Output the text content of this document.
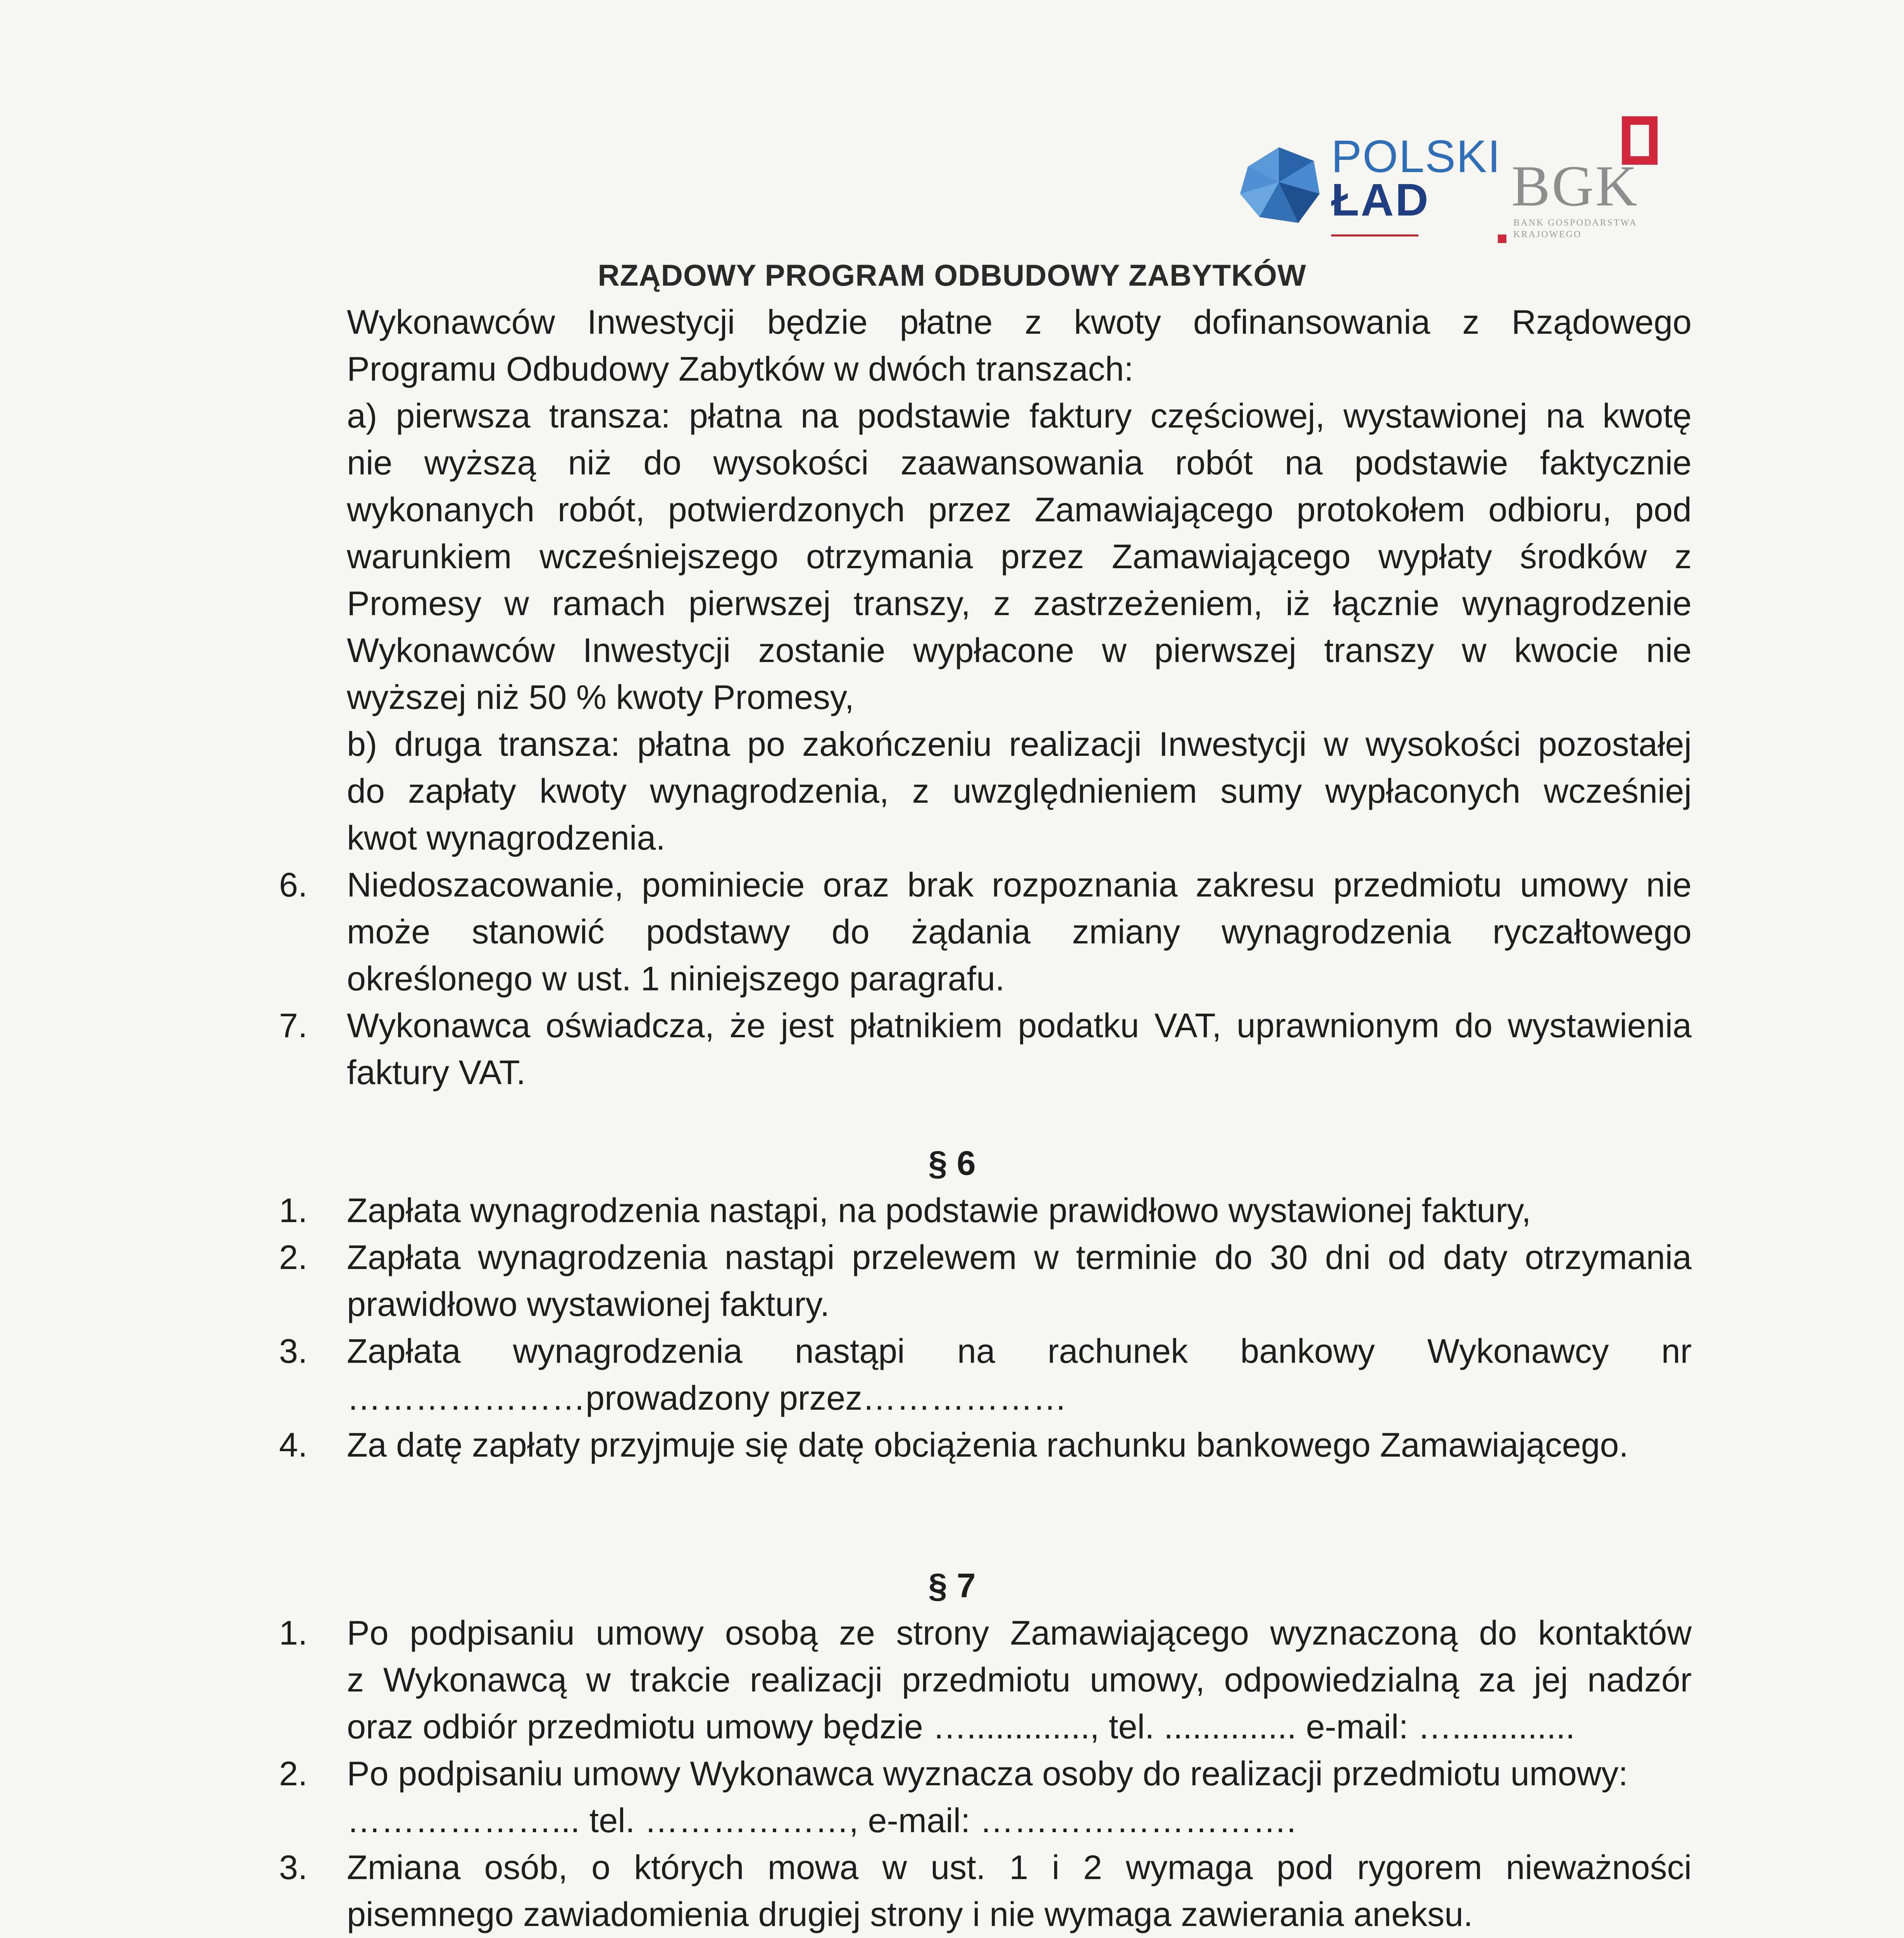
POLSKI
ŁAD	BGK
BANK GOSPODARSTWA
KRAJOWEGO
RZĄDOWY PROGRAM ODBUDOWY ZABYTKÓW
Wykonawców Inwestycji będzie płatne z kwoty dofinansowania z Rządowego
Programu Odbudowy Zabytków w dwóch transzach:
a) pierwsza transza: płatna na podstawie faktury częściowej, wystawionej na kwotę
nie wyższą niż do wysokości zaawansowania robót na podstawie faktycznie
wykonanych robót, potwierdzonych przez Zamawiającego protokołem odbioru, pod
warunkiem wcześniejszego otrzymania przez Zamawiającego wypłaty środków z
Promesy w ramach pierwszej transzy, z zastrzeżeniem, iż łącznie wynagrodzenie
Wykonawców Inwestycji zostanie wypłacone w pierwszej transzy w kwocie nie
wyższej niż 50 % kwoty Promesy,
b) druga transza: płatna po zakończeniu realizacji Inwestycji w wysokości pozostałej
do zapłaty kwoty wynagrodzenia, z uwzględnieniem sumy wypłaconych wcześniej
kwot wynagrodzenia.
6. Niedoszacowanie, pominiecie oraz brak rozpoznania zakresu przedmiotu umowy nie
może stanowić podstawy do żądania zmiany wynagrodzenia ryczałtowego
określonego w ust. 1 niniejszego paragrafu.
7. Wykonawca oświadcza, że jest płatnikiem podatku VAT, uprawnionym do wystawienia
faktury VAT.
§ 6
1. Zapłata wynagrodzenia nastąpi, na podstawie prawidłowo wystawionej faktury,
2. Zapłata wynagrodzenia nastąpi przelewem w terminie do 30 dni od daty otrzymania
prawidłowo wystawionej faktury.
3. Zapłata wynagrodzenia nastąpi na rachunek bankowy Wykonawcy nr
…………………prowadzony przez………………
4. Za datę zapłaty przyjmuje się datę obciążenia rachunku bankowego Zamawiającego.
§ 7
1. Po podpisaniu umowy osobą ze strony Zamawiającego wyznaczoną do kontaktów
z Wykonawcą w trakcie realizacji przedmiotu umowy, odpowiedzialną za jej nadzór
oraz odbiór przedmiotu umowy będzie …............., tel. .............. e-mail: ….............
2. Po podpisaniu umowy Wykonawca wyznacza osoby do realizacji przedmiotu umowy:
………………... tel. ………………, e-mail: ……………………….
3. Zmiana osób, o których mowa w ust. 1 i 2 wymaga pod rygorem nieważności
pisemnego zawiadomienia drugiej strony i nie wymaga zawierania aneksu.
